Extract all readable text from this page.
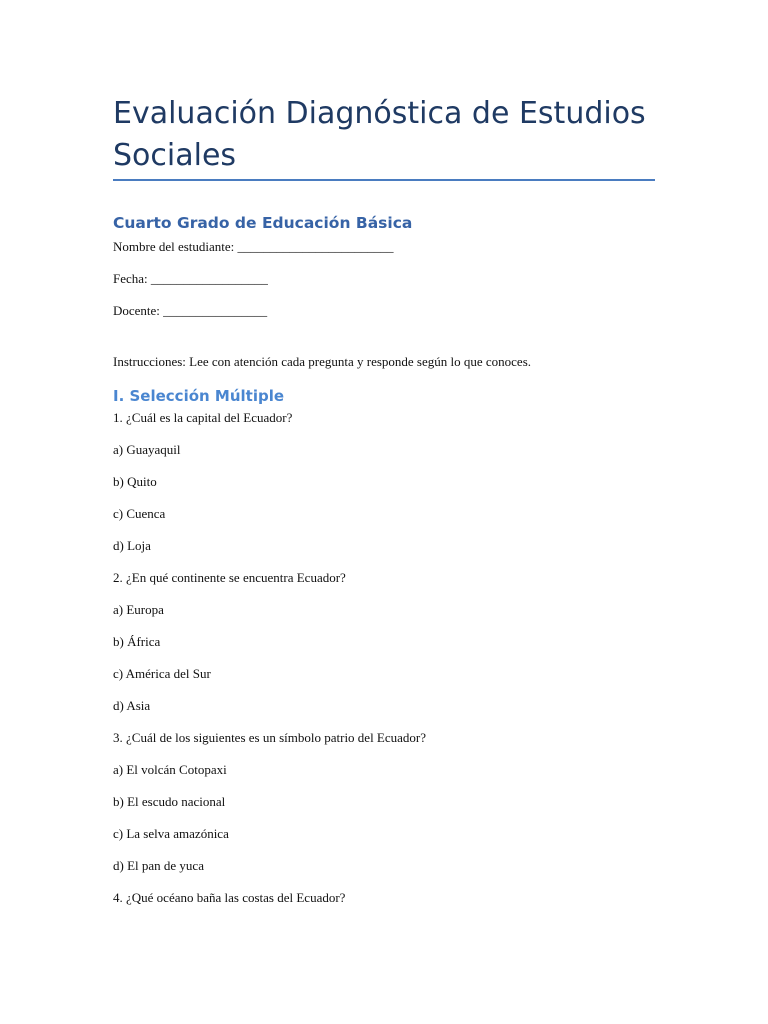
Evaluación Diagnóstica de Estudios Sociales
Cuarto Grado de Educación Básica
Nombre del estudiante: ________________________
Fecha: __________________
Docente: ________________
Instrucciones: Lee con atención cada pregunta y responde según lo que conoces.
I. Selección Múltiple
1. ¿Cuál es la capital del Ecuador?
a) Guayaquil
b) Quito
c) Cuenca
d) Loja
2. ¿En qué continente se encuentra Ecuador?
a) Europa
b) África
c) América del Sur
d) Asia
3. ¿Cuál de los siguientes es un símbolo patrio del Ecuador?
a) El volcán Cotopaxi
b) El escudo nacional
c) La selva amazónica
d) El pan de yuca
4. ¿Qué océano baña las costas del Ecuador?
